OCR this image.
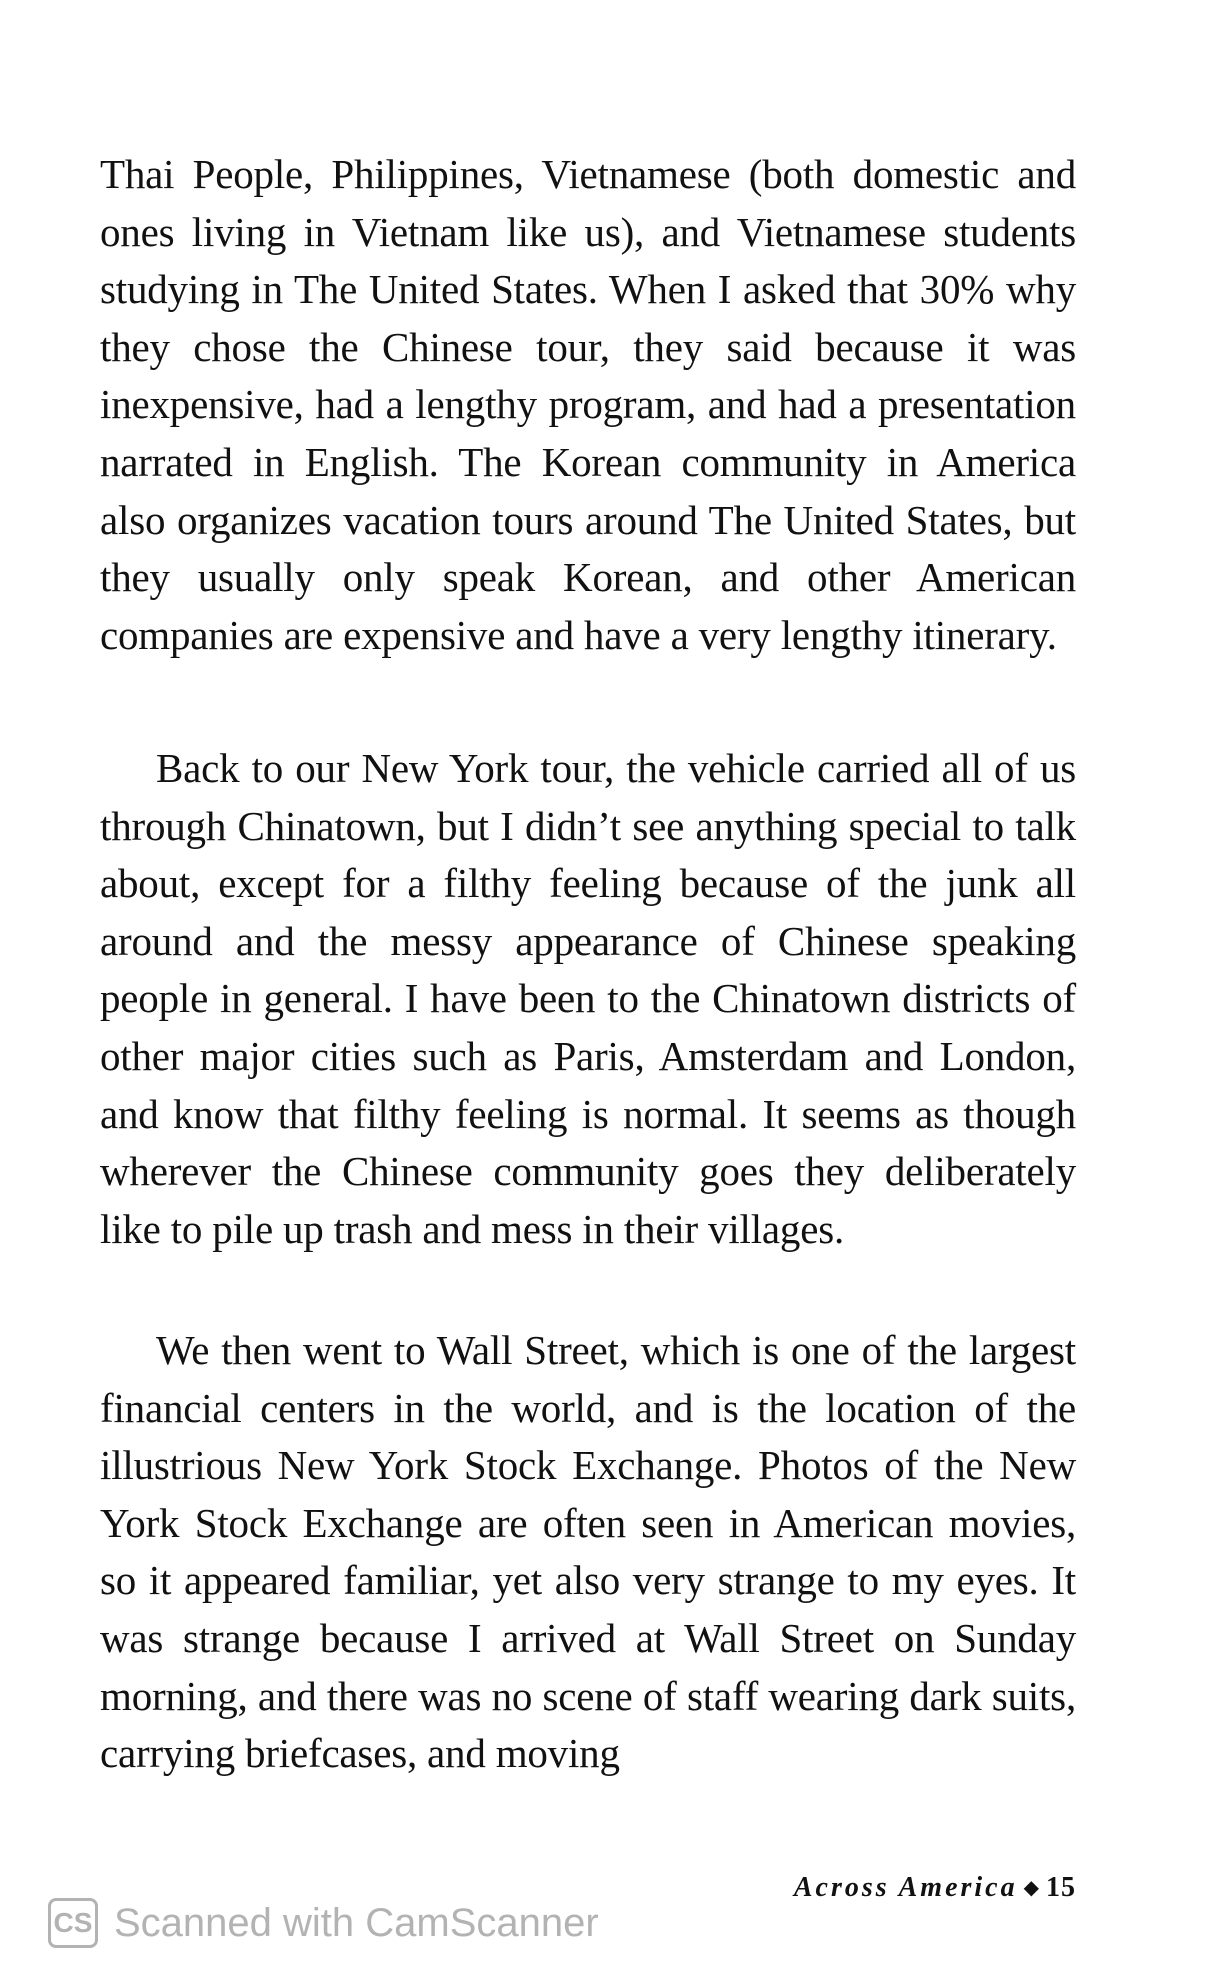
Thai People, Philippines, Vietnamese (both domestic and ones living in Vietnam like us), and Vietnamese students studying in The United States. When I asked that 30% why they chose the Chinese tour, they said because it was inexpensive, had a lengthy program, and had a presentation narrated in English. The Korean community in America also organizes vacation tours around The United States, but they usually only speak Korean, and other American companies are expensive and have a very lengthy itinerary.

Back to our New York tour, the vehicle carried all of us through Chinatown, but I didn’t see anything special to talk about, except for a filthy feeling because of the junk all around and the messy appearance of Chinese speaking people in general. I have been to the Chinatown districts of other major cities such as Paris, Amsterdam and London, and know that filthy feeling is normal. It seems as though wherever the Chinese community goes they deliberately like to pile up trash and mess in their villages.

We then went to Wall Street, which is one of the largest financial centers in the world, and is the location of the illustrious New York Stock Exchange. Photos of the New York Stock Exchange are often seen in American movies, so it appeared familiar, yet also very strange to my eyes. It was strange because I arrived at Wall Street on Sunday morning, and there was no scene of staff wearing dark suits, carrying briefcases, and moving

Across America ◆ 15
CS Scanned with CamScanner
